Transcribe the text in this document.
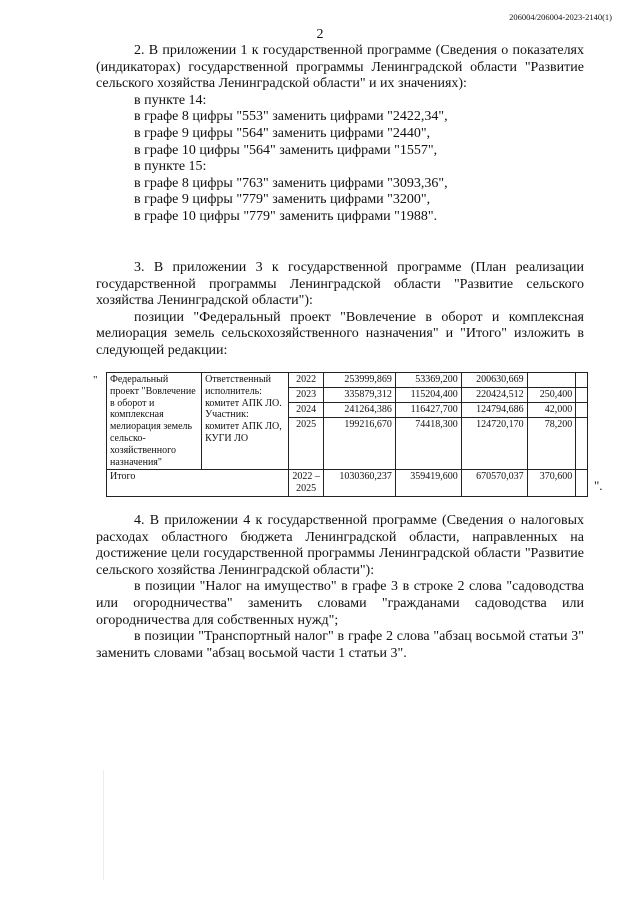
206004/206004-2023-2140(1)
2

2. В приложении 1 к государственной программе (Сведения о показателях (индикаторах) государственной программы Ленинградской области "Развитие сельского хозяйства Ленинградской области" и их значениях):

в пункте 14:

в графе 8 цифры "553" заменить цифрами "2422,34",

в графе 9 цифры "564" заменить цифрами "2440",

в графе 10 цифры "564" заменить цифрами "1557",

в пункте 15:

в графе 8 цифры "763" заменить цифрами "3093,36",

в графе 9 цифры "779" заменить цифрами "3200",

в графе 10 цифры "779" заменить цифрами "1988".

3. В приложении 3 к государственной программе (План реализации государственной программы Ленинградской области "Развитие сельского хозяйства Ленинградской области"):

позиции "Федеральный проект "Вовлечение в оборот и комплексная мелиорация земель сельскохозяйственного назначения" и "Итого" изложить в следующей редакции:

" Федеральный проект "Вовлечение в оборот и комплексная мелиорация земель сельско-хозяйственного назначения"	Ответственный исполнитель: комитет АПК ЛО. Участник: комитет АПК ЛО, КУГИ ЛО	2022	253999,869	53369,200	200630,669		
		2023	335879,312	115204,400	220424,512	250,400	
		2024	241264,386	116427,700	124794,686	42,000	
		2025	199216,670	74418,300	124720,170	78,200	
Итого		2022 – 2025	1030360,237	359419,600	670570,037	370,600	
".

4. В приложении 4 к государственной программе (Сведения о налоговых расходах областного бюджета Ленинградской области, направленных на достижение цели государственной программы Ленинградской области "Развитие сельского хозяйства Ленинградской области"):

в позиции "Налог на имущество" в графе 3 в строке 2 слова "садоводства или огородничества" заменить словами "гражданами садоводства или огородничества для собственных нужд";

в позиции "Транспортный налог" в графе 2 слова "абзац восьмой статьи 3" заменить словами "абзац восьмой части 1 статьи 3".
